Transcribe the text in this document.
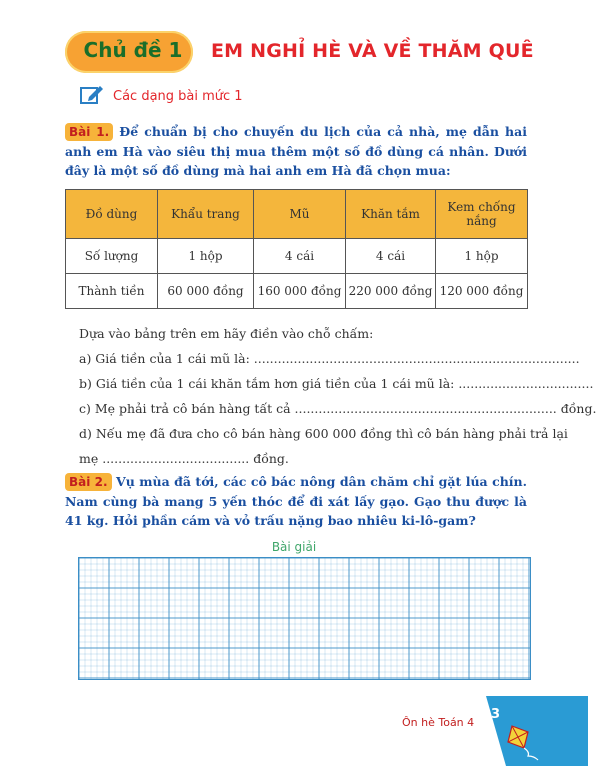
Chủ đề 1 EM NGHỈ HÈ VÀ VỀ THĂM QUÊ
Các dạng bài mức 1
Bài 1. Để chuẩn bị cho chuyến du lịch của cả nhà, mẹ dẫn hai anh em Hà vào siêu thị mua thêm một số đồ dùng cá nhân. Dưới đây là một số đồ dùng mà hai anh em Hà đã chọn mua:
Đồ dùng	Khẩu trang	Mũ	Khăn tắm	Kem chống nắng
Số lượng	1 hộp	4 cái	4 cái	1 hộp
Thành tiền	60 000 đồng	160 000 đồng	220 000 đồng	120 000 đồng
Dựa vào bảng trên em hãy điền vào chỗ chấm:
a) Giá tiền của 1 cái mũ là: ..................................................................................
b) Giá tiền của 1 cái khăn tắm hơn giá tiền của 1 cái mũ là: ..................................
c) Mẹ phải trả cô bán hàng tất cả .................................................................. đồng.
d) Nếu mẹ đã đưa cho cô bán hàng 600 000 đồng thì cô bán hàng phải trả lại
mẹ ..................................... đồng.
Bài 2. Vụ mùa đã tới, các cô bác nông dân chăm chỉ gặt lúa chín. Nam cùng bà mang 5 yến thóc để đi xát lấy gạo. Gạo thu được là 41 kg. Hỏi phần cám và vỏ trấu nặng bao nhiêu ki-lô-gam?
Bài giải
Ôn hè Toán 4
3
